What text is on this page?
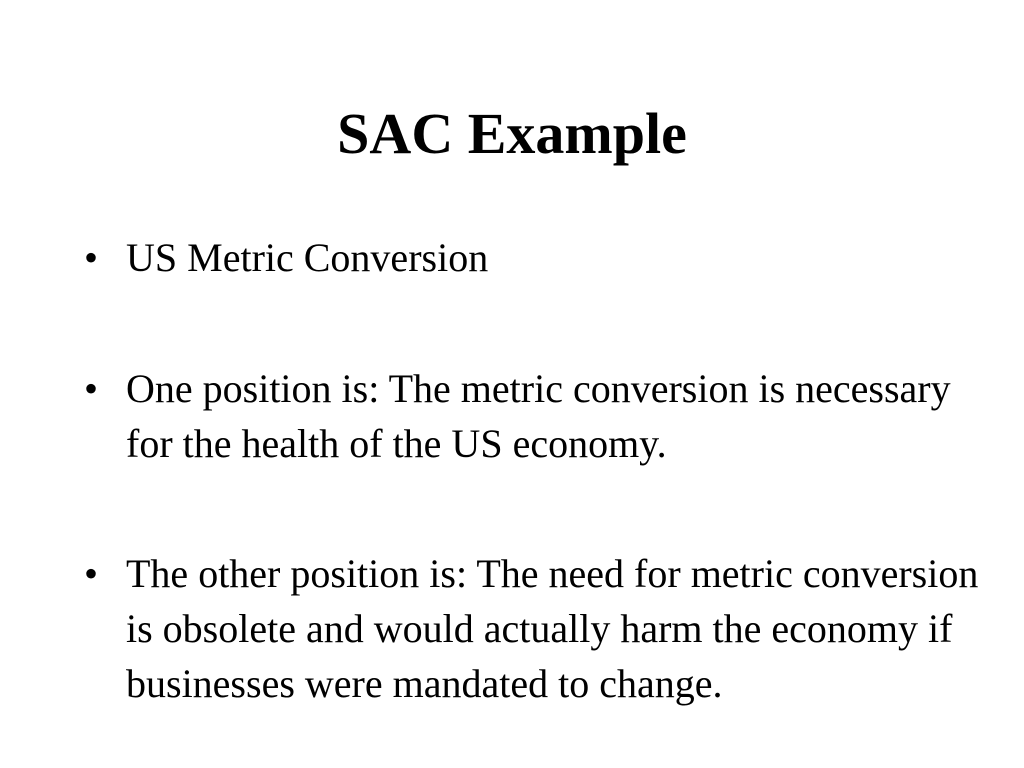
SAC Example
• US Metric Conversion
• One position is: The metric conversion is necessary for the health of the US economy.
• The other position is: The need for metric conversion is obsolete and would actually harm the economy if businesses were mandated to change.
